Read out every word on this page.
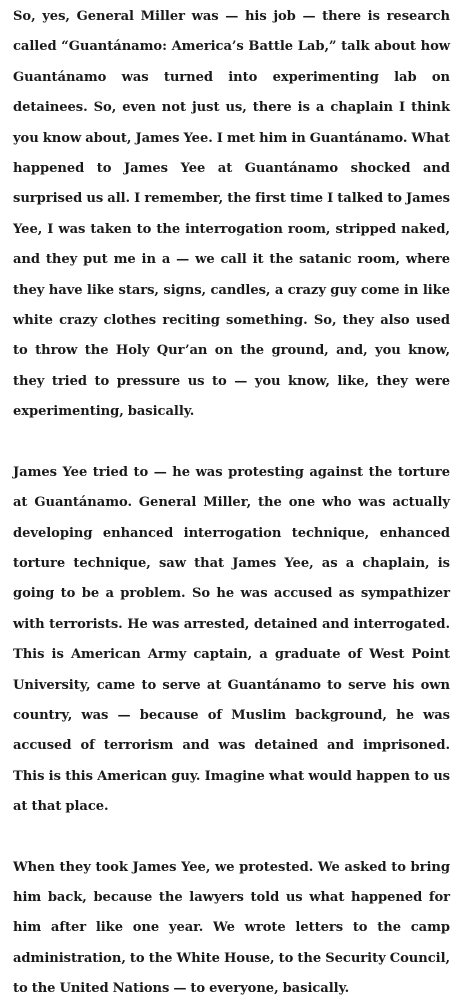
So, yes, General Miller was — his job — there is research called “Guantánamo: America’s Battle Lab,” talk about how Guantánamo was turned into experimenting lab on detainees. So, even not just us, there is a chaplain I think you know about, James Yee. I met him in Guantánamo. What happened to James Yee at Guantánamo shocked and surprised us all. I remember, the first time I talked to James Yee, I was taken to the interrogation room, stripped naked, and they put me in a — we call it the satanic room, where they have like stars, signs, candles, a crazy guy come in like white crazy clothes reciting something. So, they also used to throw the Holy Qur’an on the ground, and, you know, they tried to pressure us to — you know, like, they were experimenting, basically.

James Yee tried to — he was protesting against the torture at Guantánamo. General Miller, the one who was actually developing enhanced interrogation technique, enhanced torture technique, saw that James Yee, as a chaplain, is going to be a problem. So he was accused as sympathizer with terrorists. He was arrested, detained and interrogated. This is American Army captain, a graduate of West Point University, came to serve at Guantánamo to serve his own country, was — because of Muslim background, he was accused of terrorism and was detained and imprisoned. This is this American guy. Imagine what would happen to us at that place.

When they took James Yee, we protested. We asked to bring him back, because the lawyers told us what happened for him after like one year. We wrote letters to the camp administration, to the White House, to the Security Council, to the United Nations — to everyone, basically.
